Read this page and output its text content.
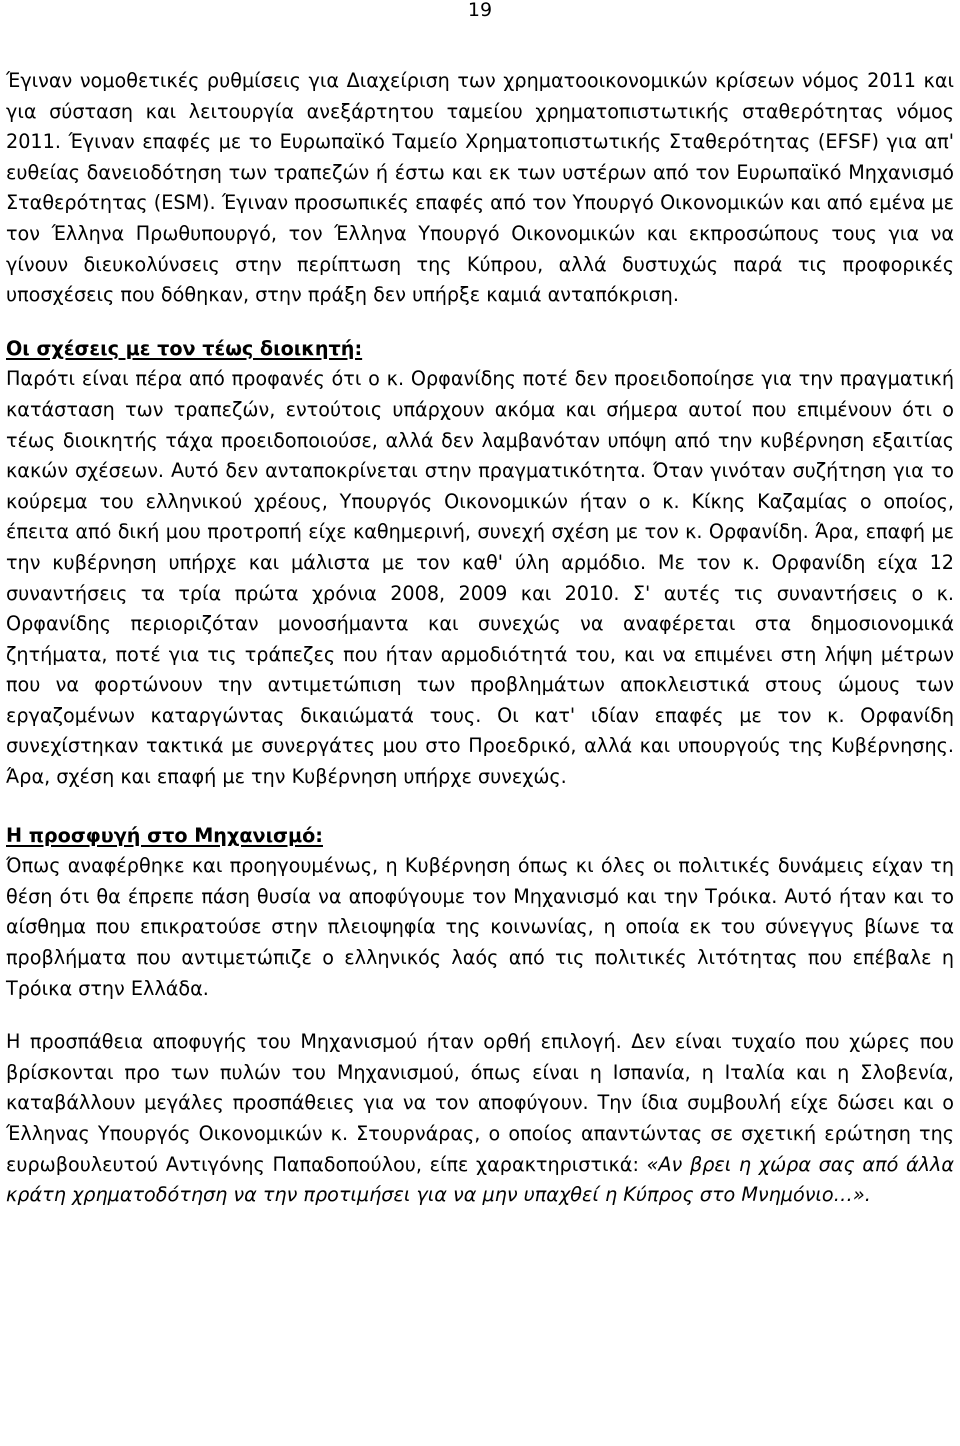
19

Έγιναν νομοθετικές ρυθμίσεις για Διαχείριση των χρηματοοικονομικών κρίσεων νόμος 2011 και για σύσταση και λειτουργία ανεξάρτητου ταμείου χρηματοπιστωτικής σταθερότητας νόμος 2011. Έγιναν επαφές με το Ευρωπαϊκό Ταμείο Χρηματοπιστωτικής Σταθερότητας (EFSF) για απ' ευθείας δανειοδότηση των τραπεζών ή έστω και εκ των υστέρων από τον Ευρωπαϊκό Μηχανισμό Σταθερότητας (ESM). Έγιναν προσωπικές επαφές από τον Υπουργό Οικονομικών και από εμένα με τον Έλληνα Πρωθυπουργό, τον Έλληνα Υπουργό Οικονομικών και εκπροσώπους τους για να γίνουν διευκολύνσεις στην περίπτωση της Κύπρου, αλλά δυστυχώς παρά τις προφορικές υποσχέσεις που δόθηκαν, στην πράξη δεν υπήρξε καμιά ανταπόκριση.

Οι σχέσεις με τον τέως διοικητή:

Παρότι είναι πέρα από προφανές ότι ο κ. Ορφανίδης ποτέ δεν προειδοποίησε για την πραγματική κατάσταση των τραπεζών, εντούτοις υπάρχουν ακόμα και σήμερα αυτοί που επιμένουν ότι ο τέως διοικητής τάχα προειδοποιούσε, αλλά δεν λαμβανόταν υπόψη από την κυβέρνηση εξαιτίας κακών σχέσεων. Αυτό δεν ανταποκρίνεται στην πραγματικότητα. Όταν γινόταν συζήτηση για το κούρεμα του ελληνικού χρέους, Υπουργός Οικονομικών ήταν ο κ. Κίκης Καζαμίας ο οποίος, έπειτα από δική μου προτροπή είχε καθημερινή, συνεχή σχέση με τον κ. Ορφανίδη. Άρα, επαφή με την κυβέρνηση υπήρχε και μάλιστα με τον καθ' ύλη αρμόδιο. Με τον κ. Ορφανίδη είχα 12 συναντήσεις τα τρία πρώτα χρόνια 2008, 2009 και 2010. Σ' αυτές τις συναντήσεις ο κ. Ορφανίδης περιοριζόταν μονοσήμαντα και συνεχώς να αναφέρεται στα δημοσιονομικά ζητήματα, ποτέ για τις τράπεζες που ήταν αρμοδιότητά του, και να επιμένει στη λήψη μέτρων που να φορτώνουν την αντιμετώπιση των προβλημάτων αποκλειστικά στους ώμους των εργαζομένων καταργώντας δικαιώματά τους. Οι κατ' ιδίαν επαφές με τον κ. Ορφανίδη συνεχίστηκαν τακτικά με συνεργάτες μου στο Προεδρικό, αλλά και υπουργούς της Κυβέρνησης. Άρα, σχέση και επαφή με την Κυβέρνηση υπήρχε συνεχώς.

Η προσφυγή στο Μηχανισμό:

Όπως αναφέρθηκε και προηγουμένως, η Κυβέρνηση όπως κι όλες οι πολιτικές δυνάμεις είχαν τη θέση ότι θα έπρεπε πάση θυσία να αποφύγουμε τον Μηχανισμό και την Τρόικα. Αυτό ήταν και το αίσθημα που επικρατούσε στην πλειοψηφία της κοινωνίας, η οποία εκ του σύνεγγυς βίωνε τα προβλήματα που αντιμετώπιζε ο ελληνικός λαός από τις πολιτικές λιτότητας που επέβαλε η Τρόικα στην Ελλάδα.

Η προσπάθεια αποφυγής του Μηχανισμού ήταν ορθή επιλογή. Δεν είναι τυχαίο που χώρες που βρίσκονται προ των πυλών του Μηχανισμού, όπως είναι η Ισπανία, η Ιταλία και η Σλοβενία, καταβάλλουν μεγάλες προσπάθειες για να τον αποφύγουν. Την ίδια συμβουλή είχε δώσει και ο Έλληνας Υπουργός Οικονομικών κ. Στουρνάρας, ο οποίος απαντώντας σε σχετική ερώτηση της ευρωβουλευτού Αντιγόνης Παπαδοπούλου, είπε χαρακτηριστικά: «Αν βρει η χώρα σας από άλλα κράτη χρηματοδότηση να την προτιμήσει για να μην υπαχθεί η Κύπρος στο Μνημόνιο…».
